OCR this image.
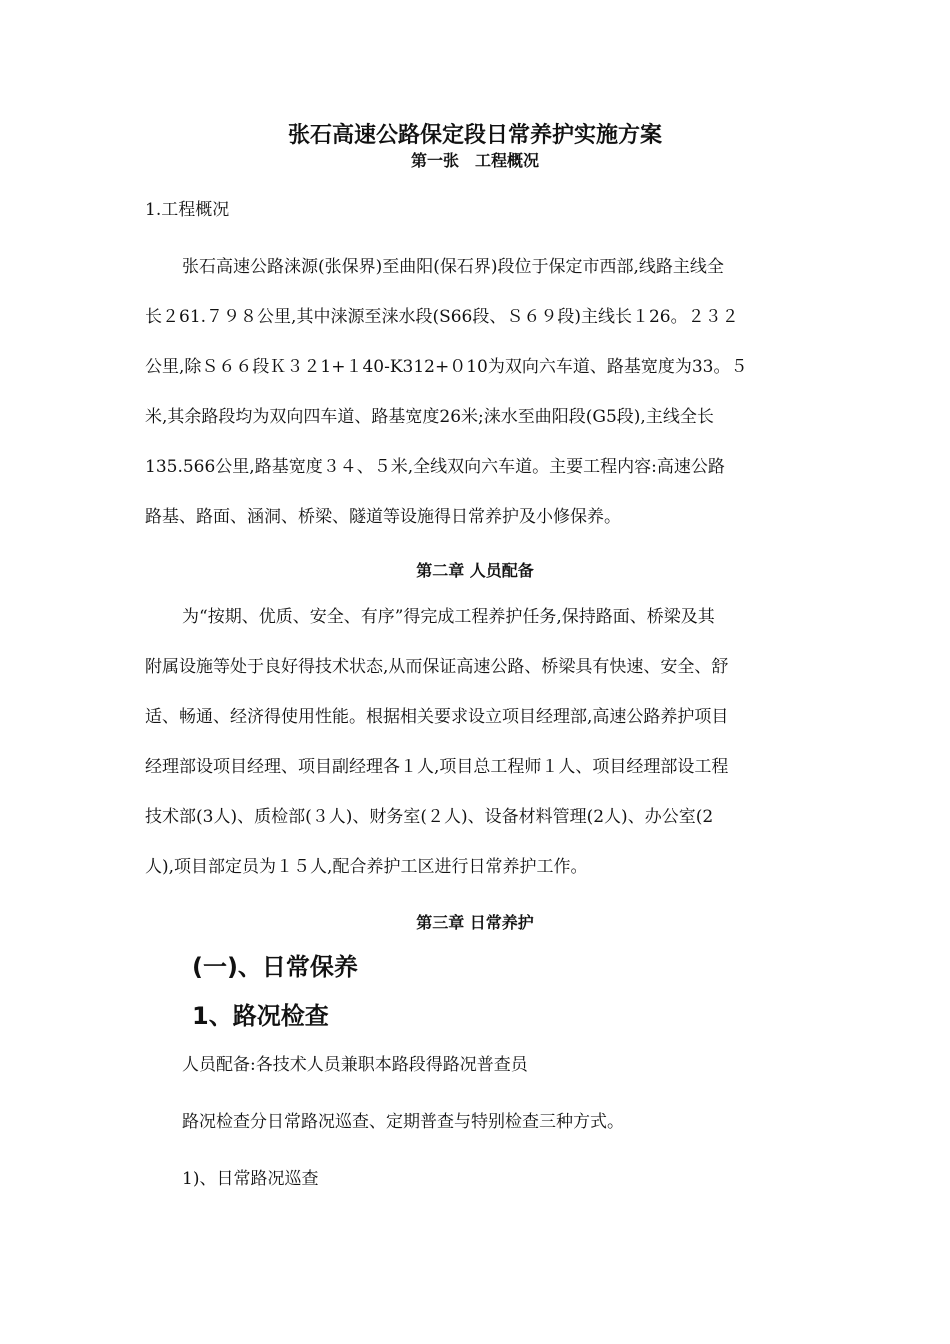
张石高速公路保定段日常养护实施方案
第一张　工程概况

1.工程概况

张石高速公路涞源(张保界)至曲阳(保石界)段位于保定市西部,线路主线全

长２61.７９８公里,其中涞源至涞水段(S66段、Ｓ６９段)主线长１26。２３２

公里,除Ｓ６６段Ｋ３２1+１40-K312+０10为双向六车道、路基宽度为33。５

米,其余路段均为双向四车道、路基宽度26米;涞水至曲阳段(G5段),主线全长

135.566公里,路基宽度３４、５米,全线双向六车道。主要工程内容:高速公路

路基、路面、涵洞、桥梁、隧道等设施得日常养护及小修保养。

第二章 人员配备

为“按期、优质、安全、有序”得完成工程养护任务,保持路面、桥梁及其

附属设施等处于良好得技术状态,从而保证高速公路、桥梁具有快速、安全、舒

适、畅通、经济得使用性能。根据相关要求设立项目经理部,高速公路养护项目

经理部设项目经理、项目副经理各１人,项目总工程师１人、项目经理部设工程

技术部(3人)、质检部(３人)、财务室(２人)、设备材料管理(2人)、办公室(2

人),项目部定员为１５人,配合养护工区进行日常养护工作。

第三章 日常养护
(一)、日常保养
1、路况检查

人员配备:各技术人员兼职本路段得路况普查员

路况检查分日常路况巡查、定期普查与特别检查三种方式。

1)、日常路况巡查
